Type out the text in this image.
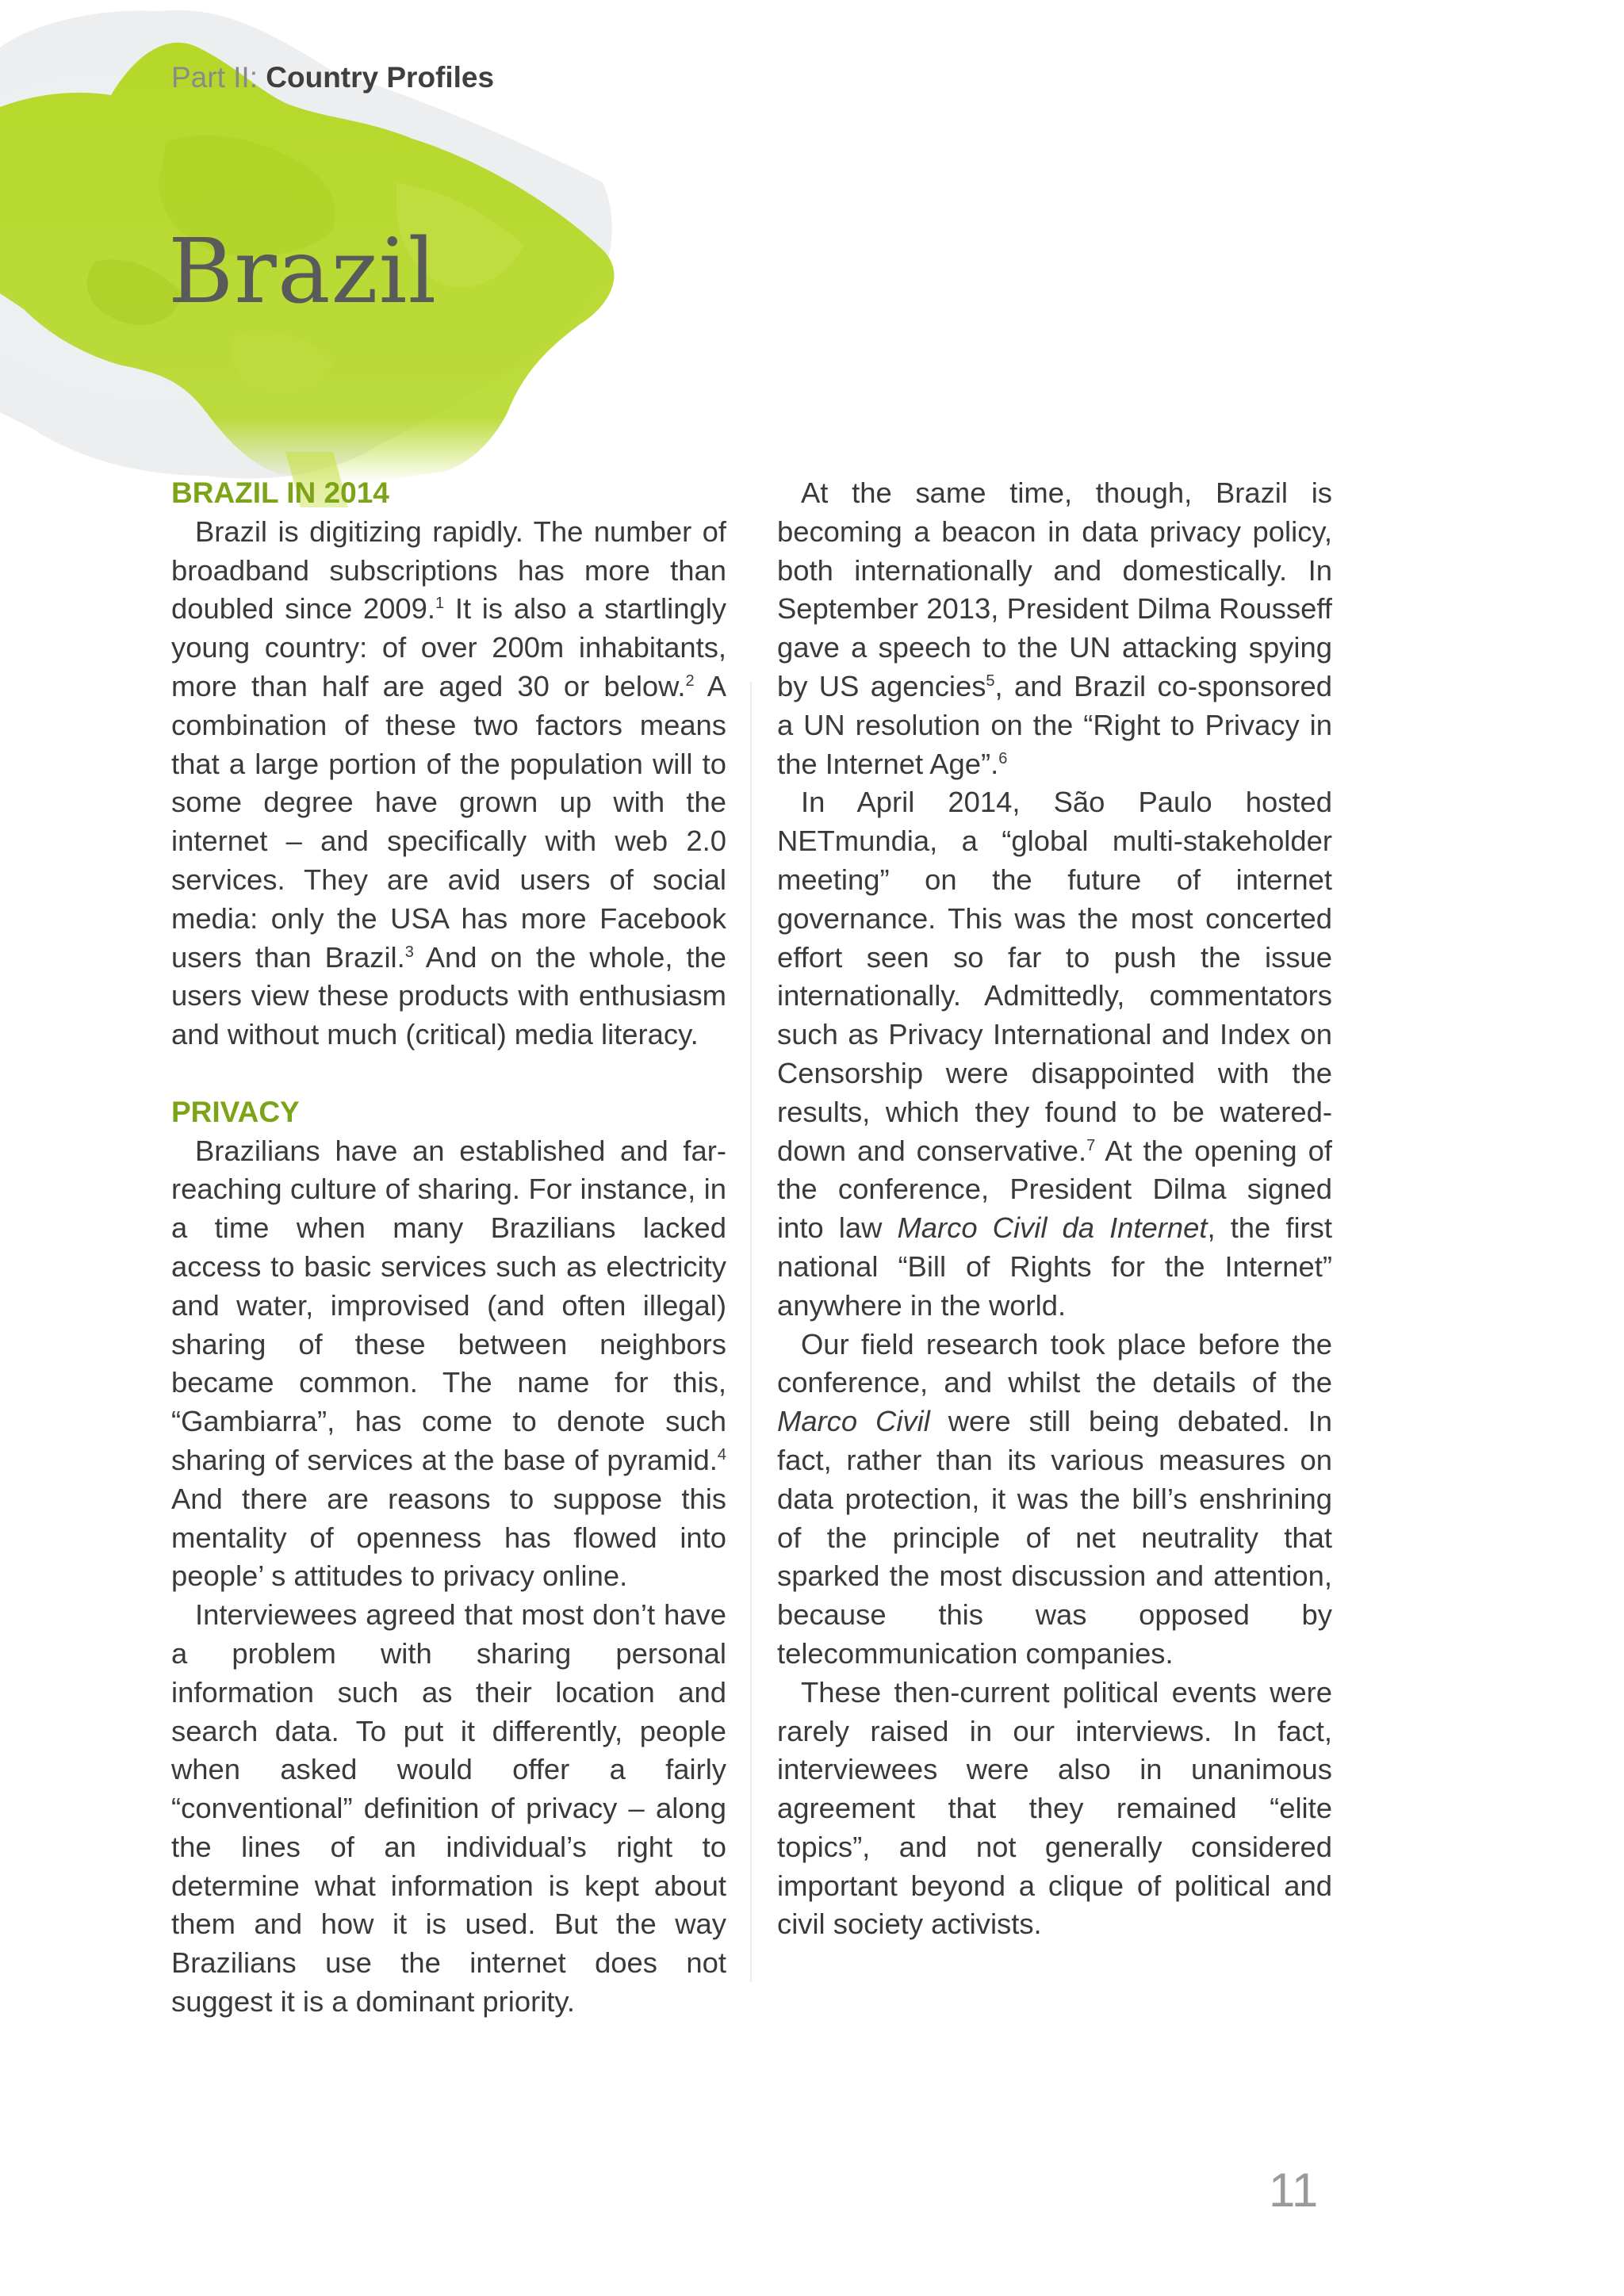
Part II: Country Profiles
Brazil
BRAZIL IN 2014

Brazil is digitizing rapidly. The number of broadband subscriptions has more than doubled since 2009.$^1$ It is also a startlingly young country: of over 200m inhabitants, more than half are aged 30 or below.$^2$ A combination of these two factors means that a large portion of the population will to some degree have grown up with the internet – and specifically with web 2.0 services. They are avid users of social media: only the USA has more Facebook users than Brazil.$^3$ And on the whole, the users view these products with enthusiasm and without much (critical) media literacy.

PRIVACY

Brazilians have an established and far-reaching culture of sharing. For instance, in a time when many Brazilians lacked access to basic services such as electricity and water, improvised (and often illegal) sharing of these between neighbors became common. The name for this, “Gambiarra”, has come to denote such sharing of services at the base of pyramid.$^4$ And there are reasons to suppose this mentality of openness has flowed into people’ s attitudes to privacy online.

Interviewees agreed that most don’t have a problem with sharing personal information such as their location and search data. To put it differently, people when asked would offer a fairly “conventional” definition of privacy – along the lines of an individual’s right to determine what information is kept about them and how it is used. But the way Brazilians use the internet does not suggest it is a dominant priority.

At the same time, though, Brazil is becoming a beacon in data privacy policy, both internationally and domestically. In September 2013, President Dilma Rousseff gave a speech to the UN attacking spying by US agencies$^5$, and Brazil co-sponsored a UN resolution on the “Right to Privacy in the Internet Age”.$^6$

In April 2014, São Paulo hosted NETmundia, a “global multi-stakeholder meeting” on the future of internet governance. This was the most concerted effort seen so far to push the issue internationally. Admittedly, commentators such as Privacy International and Index on Censorship were disappointed with the results, which they found to be watered-down and conservative.$^7$ At the opening of the conference, President Dilma signed into law Marco Civil da Internet, the first national “Bill of Rights for the Internet” anywhere in the world.

Our field research took place before the conference, and whilst the details of the Marco Civil were still being debated. In fact, rather than its various measures on data protection, it was the bill’s enshrining of the principle of net neutrality that sparked the most discussion and attention, because this was opposed by telecommunication companies.

These then-current political events were rarely raised in our interviews. In fact, interviewees were also in unanimous agreement that they remained “elite topics”, and not generally considered important beyond a clique of political and civil society activists.

11
